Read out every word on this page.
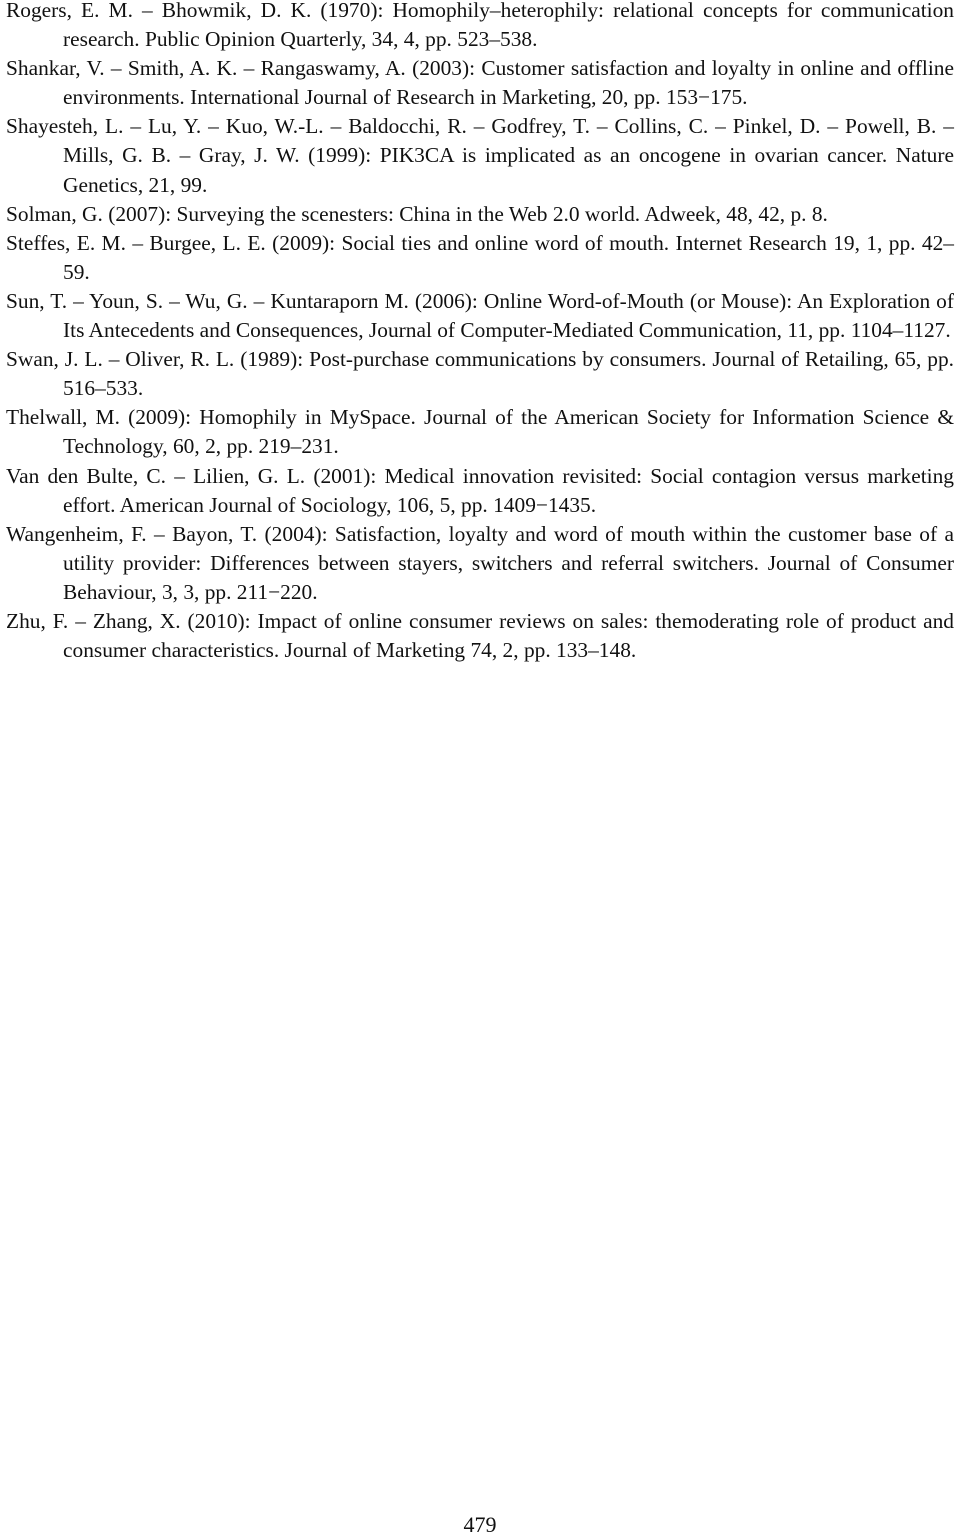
Rogers, E. M. – Bhowmik, D. K. (1970): Homophily–heterophily: relational concepts for communication research. Public Opinion Quarterly, 34, 4, pp. 523–538.

Shankar, V. – Smith, A. K. – Rangaswamy, A. (2003): Customer satisfaction and loyalty in online and offline environments. International Journal of Research in Marketing, 20, pp. 153−175.

Shayesteh, L. – Lu, Y. – Kuo, W.-L. – Baldocchi, R. – Godfrey, T. – Collins, C. – Pinkel, D. – Powell, B. – Mills, G. B. – Gray, J. W. (1999): PIK3CA is implicated as an oncogene in ovarian cancer. Nature Genetics, 21, 99.

Solman, G. (2007): Surveying the scenesters: China in the Web 2.0 world. Adweek, 48, 42, p. 8.

Steffes, E. M. – Burgee, L. E. (2009): Social ties and online word of mouth. Internet Research 19, 1, pp. 42–59.

Sun, T. – Youn, S. – Wu, G. – Kuntaraporn M. (2006): Online Word-of-Mouth (or Mouse): An Exploration of Its Antecedents and Consequences, Journal of Computer-Mediated Communication, 11, pp. 1104–1127.

Swan, J. L. – Oliver, R. L. (1989): Post-purchase communications by consumers. Journal of Retailing, 65, pp. 516–533.

Thelwall, M. (2009): Homophily in MySpace. Journal of the American Society for Information Science & Technology, 60, 2, pp. 219–231.

Van den Bulte, C. – Lilien, G. L. (2001): Medical innovation revisited: Social contagion versus marketing effort. American Journal of Sociology, 106, 5, pp. 1409−1435.

Wangenheim, F. – Bayon, T. (2004): Satisfaction, loyalty and word of mouth within the customer base of a utility provider: Differences between stayers, switchers and referral switchers. Journal of Consumer Behaviour, 3, 3, pp. 211−220.

Zhu, F. – Zhang, X. (2010): Impact of online consumer reviews on sales: themoderating role of product and consumer characteristics. Journal of Marketing 74, 2, pp. 133–148.

479
